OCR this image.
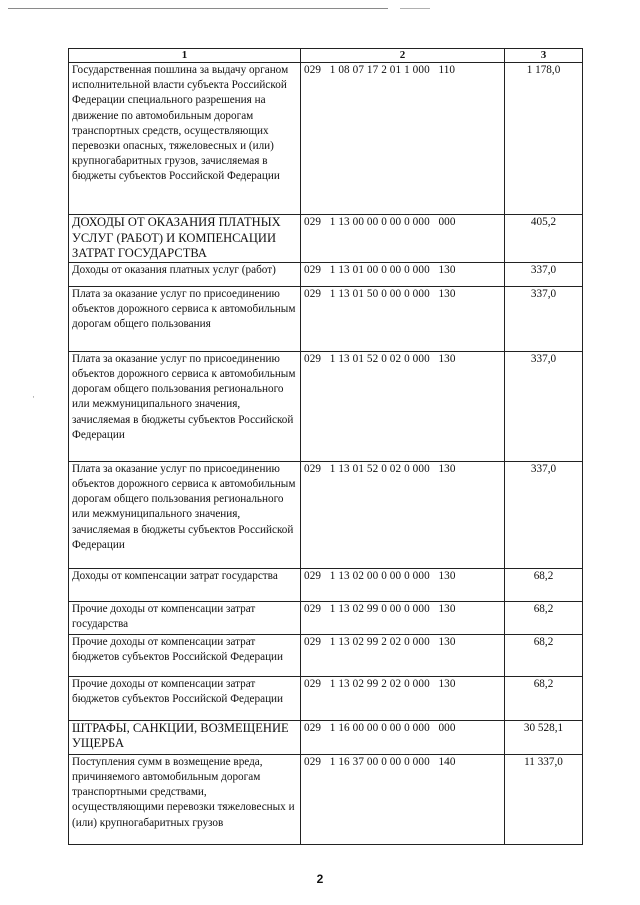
·
1	2	3
Государственная пошлина за выдачу органом исполнительной власти субъекта Российской Федерации специального разрешения на движение по автомобильным дорогам транспортных средств, осуществляющих перевозки опасных, тяжеловесных и (или) крупногабаритных грузов, зачисляемая в бюджеты субъектов Российской Федерации	029   1 08 07 17 2 01 1 000   110	1 178,0
ДОХОДЫ ОТ ОКАЗАНИЯ ПЛАТНЫХ УСЛУГ (РАБОТ) И КОМПЕНСАЦИИ ЗАТРАТ ГОСУДАРСТВА	029   1 13 00 00 0 00 0 000   000	405,2
Доходы от оказания платных услуг (работ)	029   1 13 01 00 0 00 0 000   130	337,0
Плата за оказание услуг по присоединению объектов дорожного сервиса к автомобильным дорогам общего пользования	029   1 13 01 50 0 00 0 000   130	337,0
Плата за оказание услуг по присоединению объектов дорожного сервиса к автомобильным дорогам общего пользования регионального или межмуниципального значения, зачисляемая в бюджеты субъектов Российской Федерации	029   1 13 01 52 0 02 0 000   130	337,0
Плата за оказание услуг по присоединению объектов дорожного сервиса к автомобильным дорогам общего пользования регионального или межмуниципального значения, зачисляемая в бюджеты субъектов Российской Федерации	029   1 13 01 52 0 02 0 000   130	337,0
Доходы от компенсации затрат государства	029   1 13 02 00 0 00 0 000   130	68,2
Прочие доходы от компенсации затрат государства	029   1 13 02 99 0 00 0 000   130	68,2
Прочие доходы от компенсации затрат бюджетов субъектов Российской Федерации	029   1 13 02 99 2 02 0 000   130	68,2
Прочие доходы от компенсации затрат бюджетов субъектов Российской Федерации	029   1 13 02 99 2 02 0 000   130	68,2
ШТРАФЫ, САНКЦИИ, ВОЗМЕЩЕНИЕ УЩЕРБА	029   1 16 00 00 0 00 0 000   000	30 528,1
Поступления сумм в возмещение вреда, причиняемого автомобильным дорогам транспортными средствами, осуществляющими перевозки тяжеловесных и (или) крупногабаритных грузов	029   1 16 37 00 0 00 0 000   140	11 337,0
2
